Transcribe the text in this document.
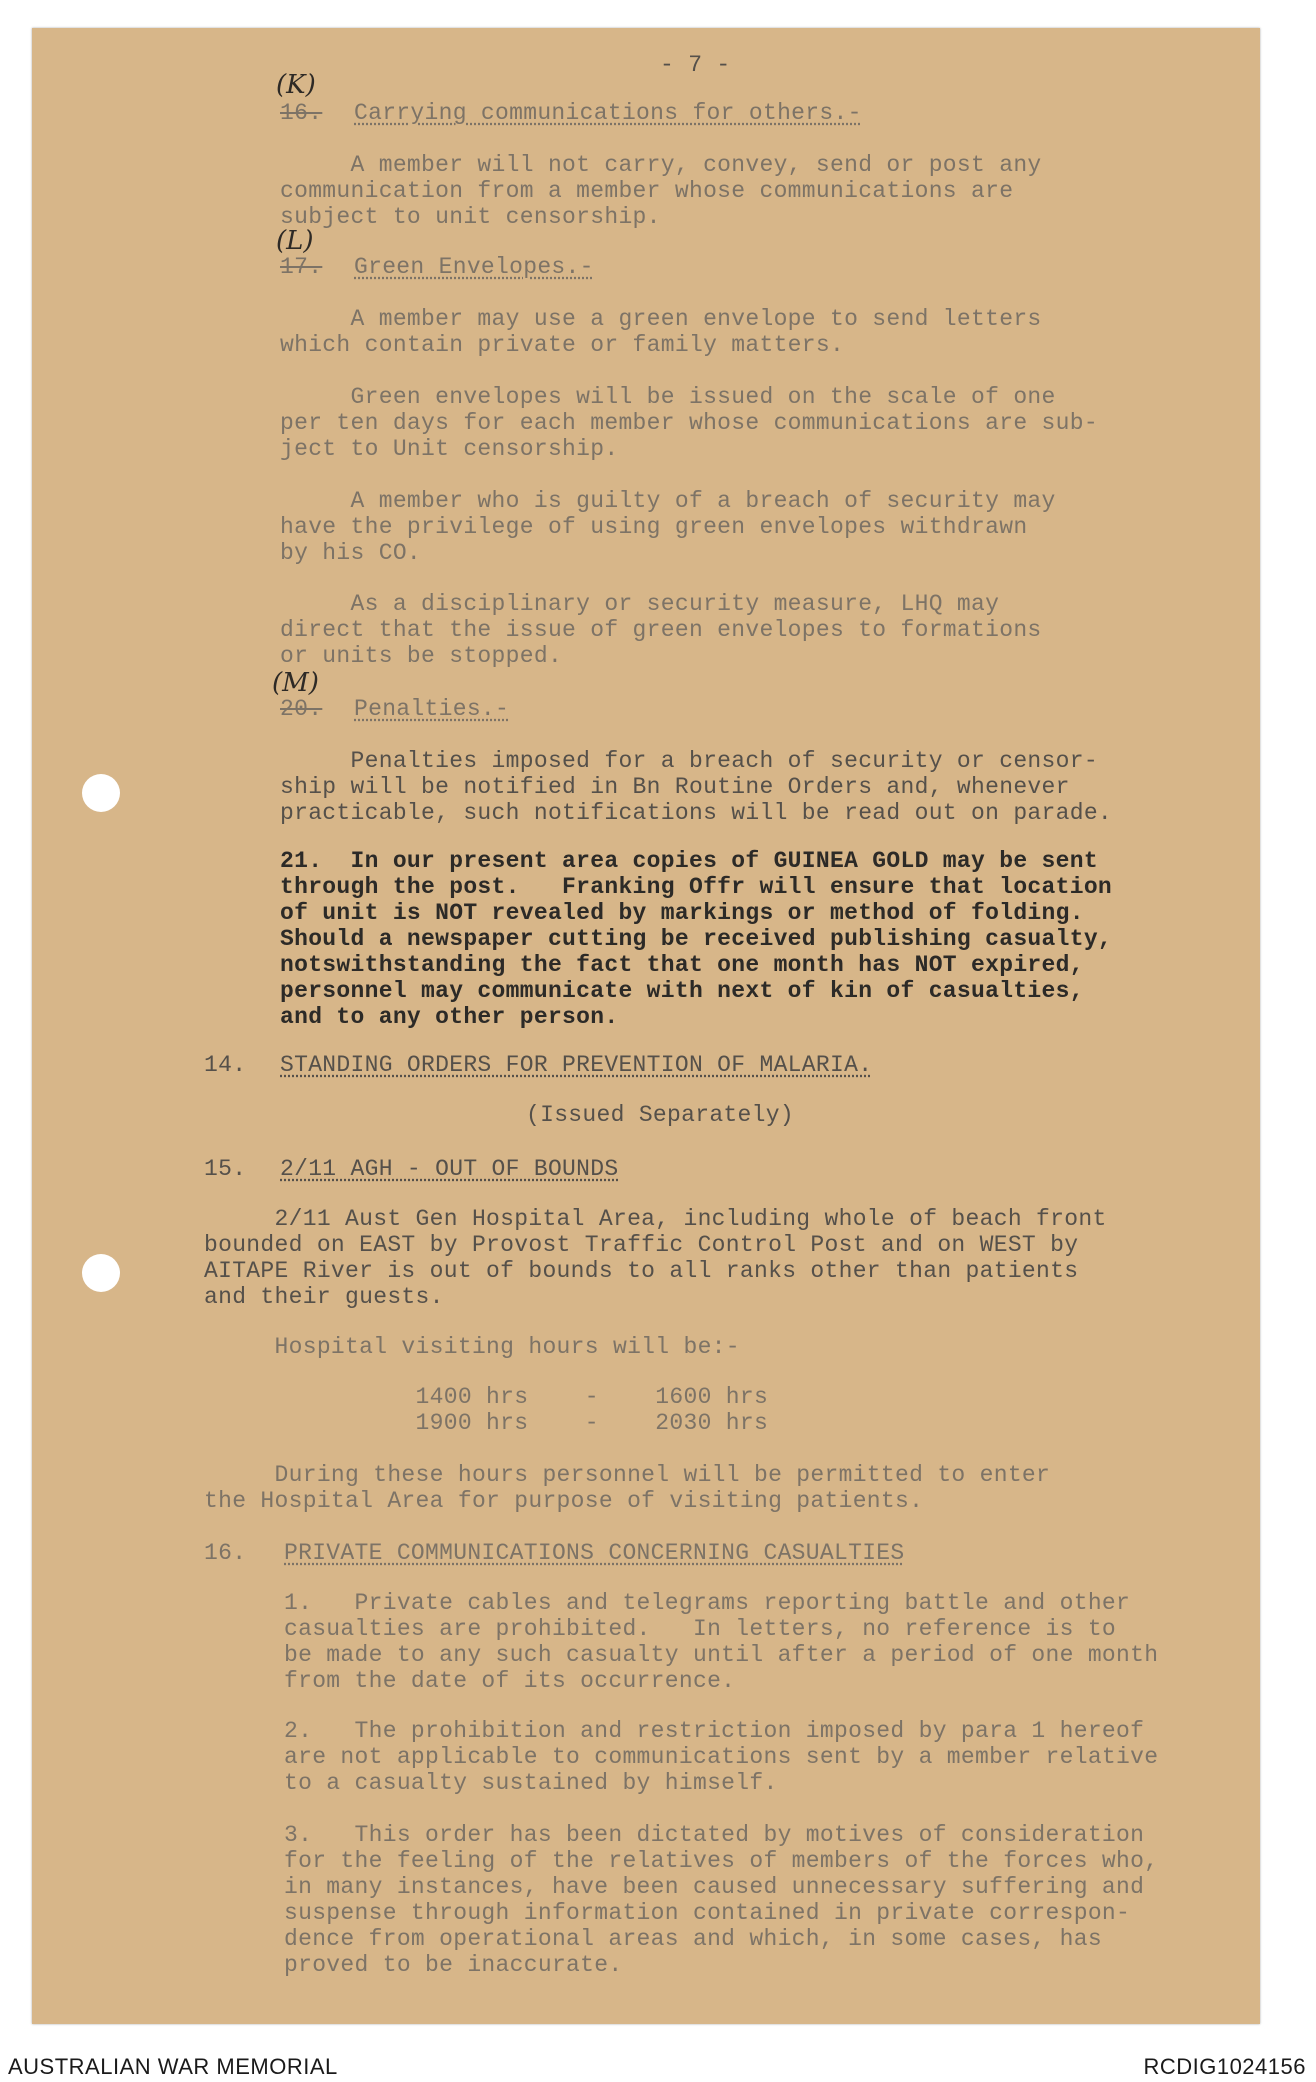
- 7 -
(K)
16. Carrying communications for others.-
A member will not carry, convey, send or post any
communication from a member whose communications are
subject to unit censorship.
(L)
17. Green Envelopes.-
A member may use a green envelope to send letters
which contain private or family matters.
Green envelopes will be issued on the scale of one
per ten days for each member whose communications are sub-
ject to Unit censorship.
A member who is guilty of a breach of security may
have the privilege of using green envelopes withdrawn
by his CO.
As a disciplinary or security measure, LHQ may
direct that the issue of green envelopes to formations
or units be stopped.
(M)
20. Penalties.-
Penalties imposed for a breach of security or censor-
ship will be notified in Bn Routine Orders and, whenever
practicable, such notifications will be read out on parade.
21.  In our present area copies of GUINEA GOLD may be sent
through the post.   Franking Offr will ensure that location
of unit is NOT revealed by markings or method of folding.
Should a newspaper cutting be received publishing casualty,
notswithstanding the fact that one month has NOT expired,
personnel may communicate with next of kin of casualties,
and to any other person.
14. STANDING ORDERS FOR PREVENTION OF MALARIA.
(Issued Separately)
15. 2/11 AGH - OUT OF BOUNDS
2/11 Aust Gen Hospital Area, including whole of beach front
bounded on EAST by Provost Traffic Control Post and on WEST by
AITAPE River is out of bounds to all ranks other than patients
and their guests.
Hospital visiting hours will be:-
1400 hrs    -    1600 hrs
1900 hrs    -    2030 hrs
During these hours personnel will be permitted to enter
the Hospital Area for purpose of visiting patients.
16. PRIVATE COMMUNICATIONS CONCERNING CASUALTIES
1.   Private cables and telegrams reporting battle and other
casualties are prohibited.   In letters, no reference is to
be made to any such casualty until after a period of one month
from the date of its occurrence.
2.   The prohibition and restriction imposed by para 1 hereof
are not applicable to communications sent by a member relative
to a casualty sustained by himself.
3.   This order has been dictated by motives of consideration
for the feeling of the relatives of members of the forces who,
in many instances, have been caused unnecessary suffering and
suspense through information contained in private correspon-
dence from operational areas and which, in some cases, has
proved to be inaccurate.
AUSTRALIAN WAR MEMORIAL	RCDIG1024156
